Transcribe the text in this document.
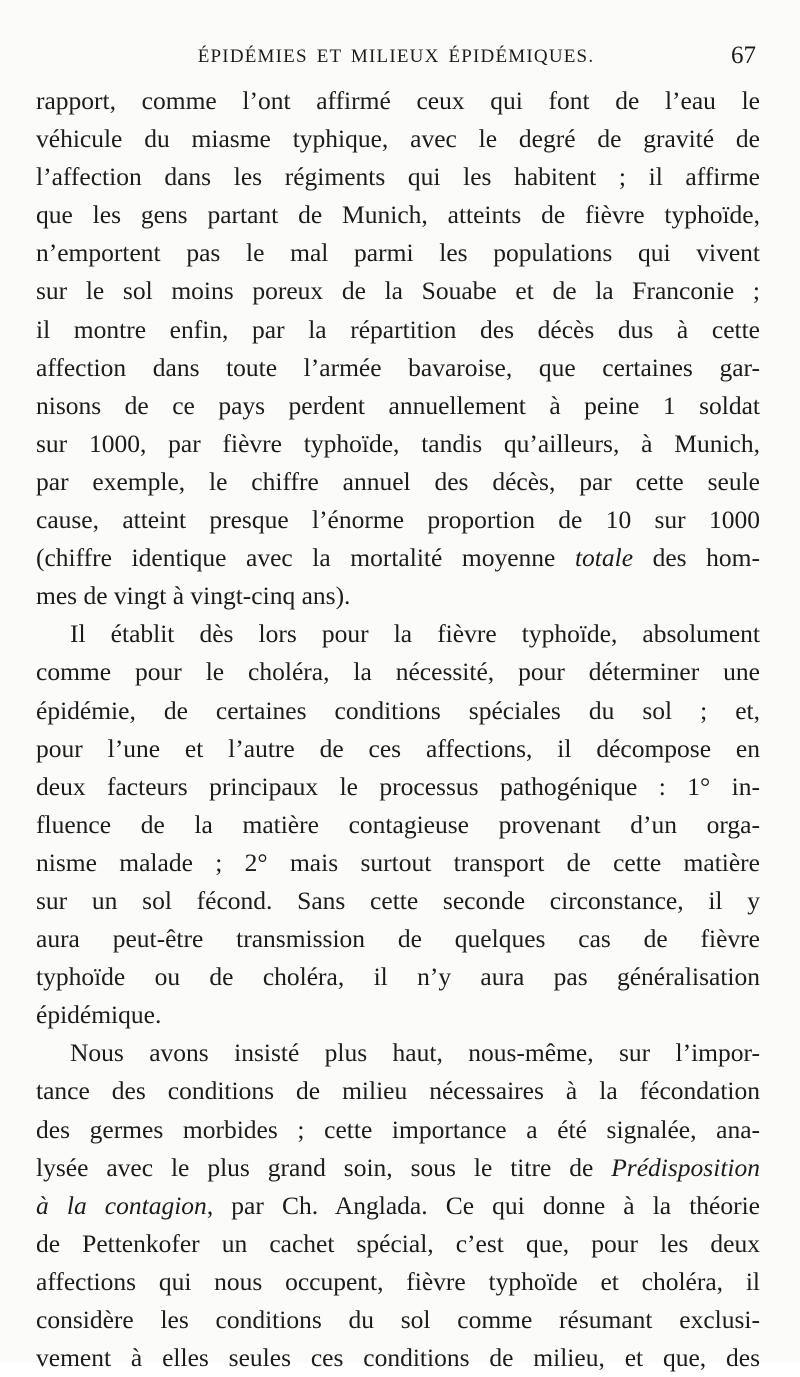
ÉPIDÉMIES ET MILIEUX ÉPIDÉMIQUES.	67
rapport, comme l’ont affirmé ceux qui font de l’eau le
véhicule du miasme typhique, avec le degré de gravité de
l’affection dans les régiments qui les habitent ; il affirme
que les gens partant de Munich, atteints de fièvre typhoïde,
n’emportent pas le mal parmi les populations qui vivent
sur le sol moins poreux de la Souabe et de la Franconie ;
il montre enfin, par la répartition des décès dus à cette
affection dans toute l’armée bavaroise, que certaines gar-
nisons de ce pays perdent annuellement à peine 1 soldat
sur 1000, par fièvre typhoïde, tandis qu’ailleurs, à Munich,
par exemple, le chiffre annuel des décès, par cette seule
cause, atteint presque l’énorme proportion de 10 sur 1000
(chiffre identique avec la mortalité moyenne totale des hom-
mes de vingt à vingt-cinq ans).
Il établit dès lors pour la fièvre typhoïde, absolument
comme pour le choléra, la nécessité, pour déterminer une
épidémie, de certaines conditions spéciales du sol ; et,
pour l’une et l’autre de ces affections, il décompose en
deux facteurs principaux le processus pathogénique : 1° in-
fluence de la matière contagieuse provenant d’un orga-
nisme malade ; 2° mais surtout transport de cette matière
sur un sol fécond. Sans cette seconde circonstance, il y
aura peut-être transmission de quelques cas de fièvre
typhoïde ou de choléra, il n’y aura pas généralisation
épidémique.
Nous avons insisté plus haut, nous-même, sur l’impor-
tance des conditions de milieu nécessaires à la fécondation
des germes morbides ; cette importance a été signalée, ana-
lysée avec le plus grand soin, sous le titre de Prédisposition
à la contagion, par Ch. Anglada. Ce qui donne à la théorie
de Pettenkofer un cachet spécial, c’est que, pour les deux
affections qui nous occupent, fièvre typhoïde et choléra, il
considère les conditions du sol comme résumant exclusi-
vement à elles seules ces conditions de milieu, et que, des
